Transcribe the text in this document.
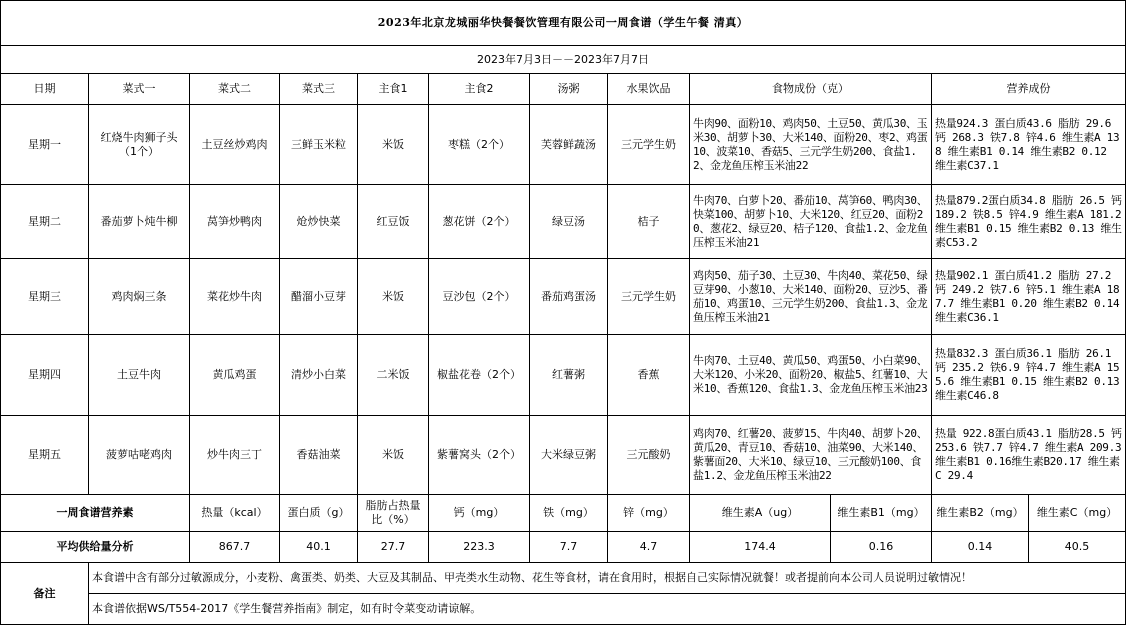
2023年北京龙城丽华快餐餐饮管理有限公司一周食谱（学生午餐 清真）											
2023年7月3日－－2023年7月7日											
日期	菜式一	菜式二	菜式三	主食1	主食2	汤粥	水果饮品	食物成份（克）		营养成份	
星期一	红烧牛肉狮子头（1个）	土豆丝炒鸡肉	三鲜玉米粒	米饭	枣糕（2个）	芙蓉鲜蔬汤	三元学生奶	牛肉90、面粉10、鸡肉50、土豆50、黄瓜30、玉米30、胡萝卜30、大米140、面粉20、枣2、鸡蛋10、波菜10、香菇5、三元学生奶200、食盐1.2、金龙鱼压榨玉米油22		热量924.3 蛋白质43.6 脂肪 29.6 钙 268.3 铁7.8 锌4.6 维生素A 138 维生素B1 0.14 维生素B2 0.12 维生素C37.1	
星期二	番茄萝卜炖牛柳	莴笋炒鸭肉	炝炒快菜	红豆饭	葱花饼（2个）	绿豆汤	桔子	牛肉70、白萝卜20、番茄10、莴笋60、鸭肉30、快菜100、胡萝卜10、大米120、红豆20、面粉20、葱花2、绿豆20、桔子120、食盐1.2、金龙鱼压榨玉米油21		热量879.2蛋白质34.8 脂肪 26.5 钙 189.2 铁8.5 锌4.9 维生素A 181.2 维生素B1 0.15 维生素B2 0.13 维生素C53.2	
星期三	鸡肉焖三条	菜花炒牛肉	醋溜小豆芽	米饭	豆沙包（2个）	番茄鸡蛋汤	三元学生奶	鸡肉50、茄子30、土豆30、牛肉40、菜花50、绿豆芽90、小葱10、大米140、面粉20、豆沙5、番茄10、鸡蛋10、三元学生奶200、食盐1.3、金龙鱼压榨玉米油21		热量902.1 蛋白质41.2 脂肪 27.2 钙 249.2 铁7.6 锌5.1 维生素A 187.7 维生素B1 0.20 维生素B2 0.14 维生素C36.1	
星期四	土豆牛肉	黄瓜鸡蛋	清炒小白菜	二米饭	椒盐花卷（2个）	红薯粥	香蕉	牛肉70、土豆40、黄瓜50、鸡蛋50、小白菜90、大米120、小米20、面粉20、椒盐5、红薯10、大米10、香蕉120、食盐1.3、金龙鱼压榨玉米油23		热量832.3 蛋白质36.1 脂肪 26.1 钙 235.2 铁6.9 锌4.7 维生素A 155.6 维生素B1 0.15 维生素B2 0.13 维生素C46.8	
星期五	菠萝咕咾鸡肉	炒牛肉三丁	香菇油菜	米饭	紫薯窝头（2个）	大米绿豆粥	三元酸奶	鸡肉70、红薯20、菠萝15、牛肉40、胡萝卜20、黄瓜20、青豆10、香菇10、油菜90、大米140、紫薯面20、大米10、绿豆10、三元酸奶100、食盐1.2、金龙鱼压榨玉米油22		热量 922.8蛋白质43.1 脂肪28.5 钙253.6 铁7.7 锌4.7 维生素A 209.3维生素B1 0.16维生素B20.17 维生素C 29.4	
一周食谱营养素		热量（kcal）	蛋白质（g）	脂肪占热量比（%）	钙（mg）	铁（mg）	锌（mg）	维生素A（ug）	维生素B1（mg）	维生素B2（mg）	维生素C（mg）
平均供给量分析		867.7	40.1	27.7	223.3	7.7	4.7	174.4	0.16	0.14	40.5
备注	本食谱中含有部分过敏源成分，小麦粉、禽蛋类、奶类、大豆及其制品、甲壳类水生动物、花生等食材，请在食用时，根据自己实际情况就餐！或者提前向本公司人员说明过敏情况！										
	本食谱依据WS/T554-2017《学生餐营养指南》制定，如有时令菜变动请谅解。										
